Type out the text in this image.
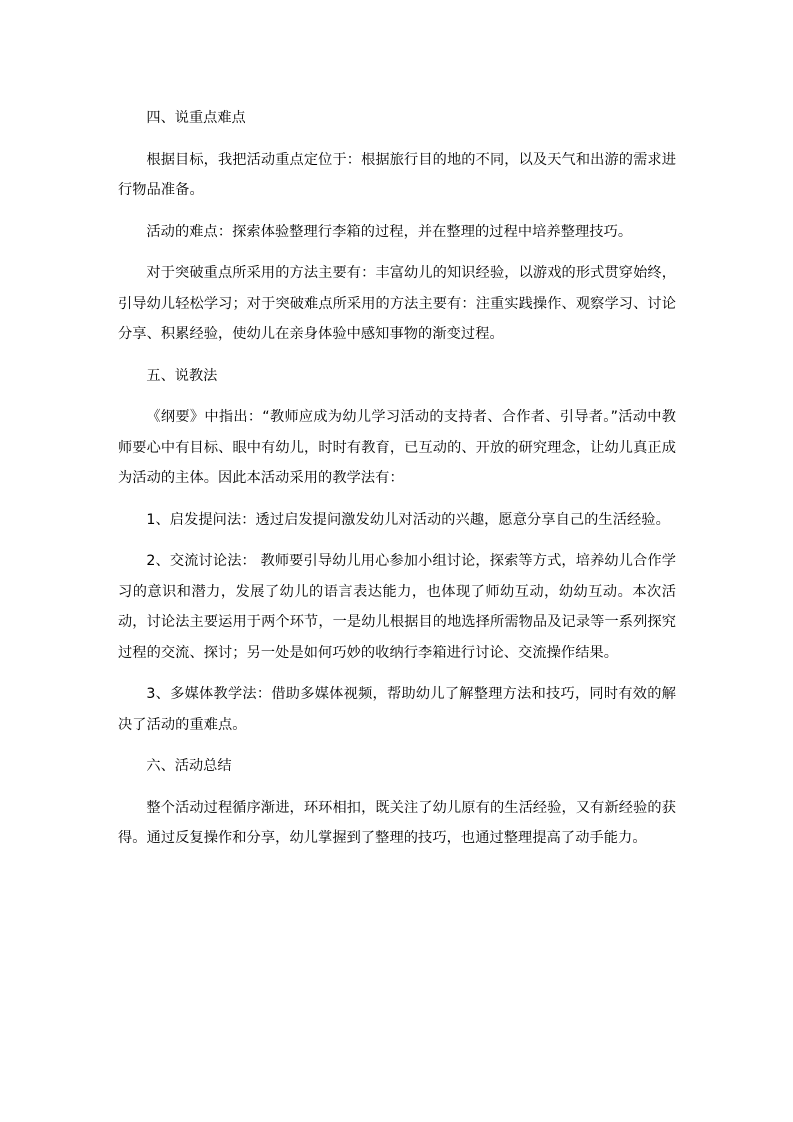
四、说重点难点

根据目标，我把活动重点定位于：根据旅行目的地的不同，以及天气和出游的需求进行物品准备。

活动的难点：探索体验整理行李箱的过程，并在整理的过程中培养整理技巧。

对于突破重点所采用的方法主要有：丰富幼儿的知识经验，以游戏的形式贯穿始终，引导幼儿轻松学习；对于突破难点所采用的方法主要有：注重实践操作、观察学习、讨论分享、积累经验，使幼儿在亲身体验中感知事物的渐变过程。

五、说教法

《纲要》中指出：“教师应成为幼儿学习活动的支持者、合作者、引导者。”活动中教师要心中有目标、眼中有幼儿，时时有教育，已互动的、开放的研究理念，让幼儿真正成为活动的主体。因此本活动采用的教学法有：

1、启发提问法：透过启发提问激发幼儿对活动的兴趣，愿意分享自己的生活经验。

2、交流讨论法： 教师要引导幼儿用心参加小组讨论，探索等方式，培养幼儿合作学习的意识和潜力，发展了幼儿的语言表达能力，也体现了师幼互动，幼幼互动。本次活动，讨论法主要运用于两个环节，一是幼儿根据目的地选择所需物品及记录等一系列探究过程的交流、探讨；另一处是如何巧妙的收纳行李箱进行讨论、交流操作结果。

3、多媒体教学法：借助多媒体视频，帮助幼儿了解整理方法和技巧，同时有效的解决了活动的重难点。

六、活动总结

整个活动过程循序渐进，环环相扣，既关注了幼儿原有的生活经验，又有新经验的获得。通过反复操作和分享，幼儿掌握到了整理的技巧，也通过整理提高了动手能力。
